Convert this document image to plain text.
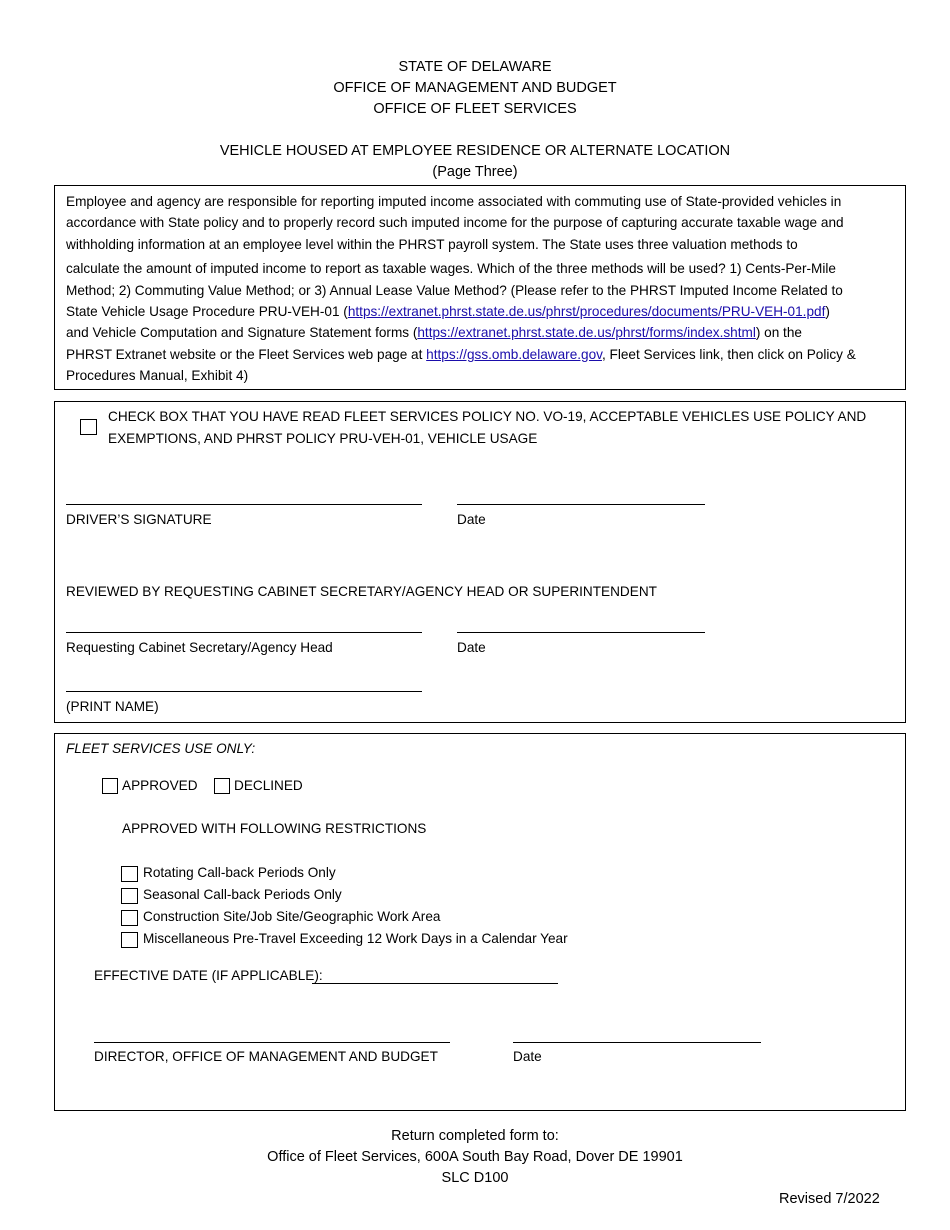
STATE OF DELAWARE
OFFICE OF MANAGEMENT AND BUDGET
OFFICE OF FLEET SERVICES
VEHICLE HOUSED AT EMPLOYEE RESIDENCE OR ALTERNATE LOCATION
(Page Three)
Employee and agency are responsible for reporting imputed income associated with commuting use of State-provided vehicles in
accordance with State policy and to properly record such imputed income for the purpose of capturing accurate taxable wage and
withholding information at an employee level within the PHRST payroll system. The State uses three valuation methods to
calculate the amount of imputed income to report as taxable wages. Which of the three methods will be used? 1) Cents-Per-Mile
Method; 2) Commuting Value Method; or 3) Annual Lease Value Method? (Please refer to the PHRST Imputed Income Related to
State Vehicle Usage Procedure PRU-VEH-01 (https://extranet.phrst.state.de.us/phrst/procedures/documents/PRU-VEH-01.pdf)
and Vehicle Computation and Signature Statement forms (https://extranet.phrst.state.de.us/phrst/forms/index.shtml) on the
PHRST Extranet website or the Fleet Services web page at https://gss.omb.delaware.gov, Fleet Services link, then click on Policy &
Procedures Manual, Exhibit 4)
CHECK BOX THAT YOU HAVE READ FLEET SERVICES POLICY NO. VO-19, ACCEPTABLE VEHICLES USE POLICY AND
EXEMPTIONS, AND PHRST POLICY PRU-VEH-01, VEHICLE USAGE
DRIVER’S SIGNATURE	Date
REVIEWED BY REQUESTING CABINET SECRETARY/AGENCY HEAD OR SUPERINTENDENT
Requesting Cabinet Secretary/Agency Head	Date
(PRINT NAME)
FLEET SERVICES USE ONLY:
APPROVED	DECLINED
APPROVED WITH FOLLOWING RESTRICTIONS
Rotating Call-back Periods Only
Seasonal Call-back Periods Only
Construction Site/Job Site/Geographic Work Area
Miscellaneous Pre-Travel Exceeding 12 Work Days in a Calendar Year
EFFECTIVE DATE (IF APPLICABLE):
DIRECTOR, OFFICE OF MANAGEMENT AND BUDGET	Date
Return completed form to:
Office of Fleet Services, 600A South Bay Road, Dover DE 19901
SLC D100
Revised 7/2022
